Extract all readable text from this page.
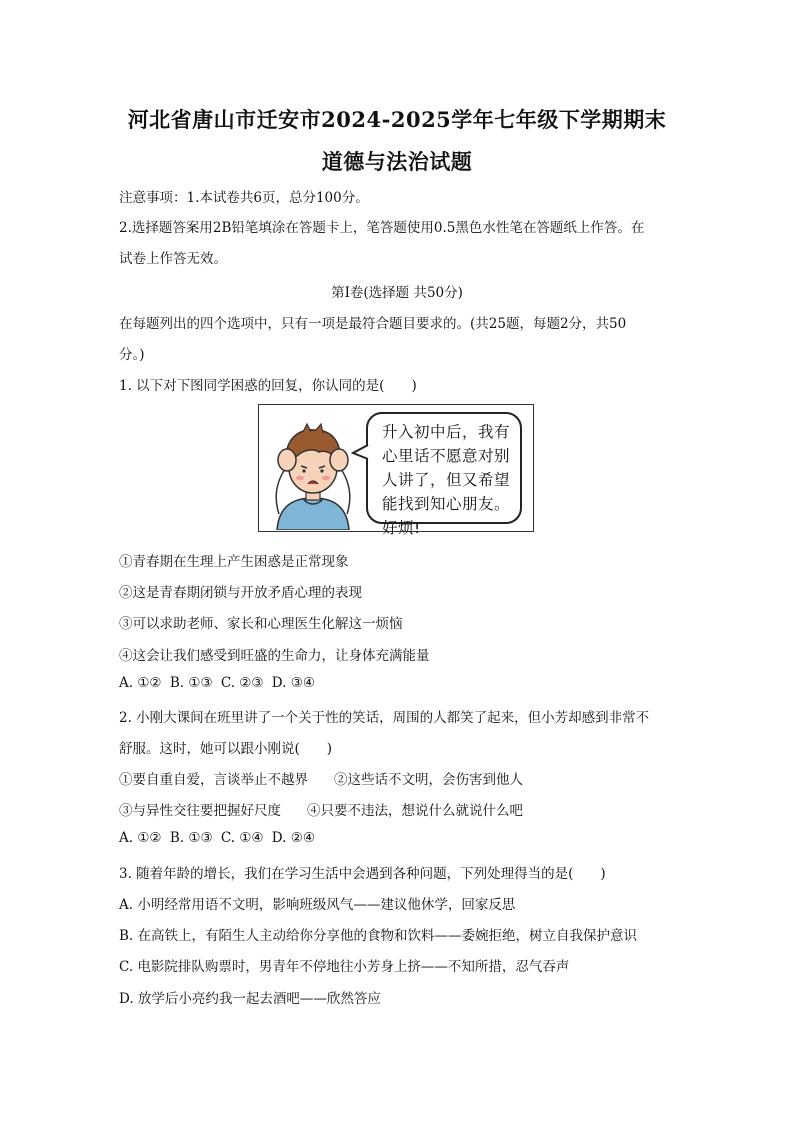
河北省唐山市迁安市2024-2025学年七年级下学期期末
道德与法治试题
注意事项：1.本试卷共6页，总分100分。
2.选择题答案用2B铅笔填涂在答题卡上，笔答题使用0.5黑色水性笔在答题纸上作答。在
试卷上作答无效。
第Ⅰ卷(选择题 共50分)
在每题列出的四个选项中，只有一项是最符合题目要求的。(共25题，每题2分，共50
分。)
1. 以下对下图同学困惑的回复，你认同的是(　　)
升入初中后，我有心里话不愿意对别人讲了，但又希望能找到知心朋友。好烦!
①青春期在生理上产生困惑是正常现象
②这是青春期闭锁与开放矛盾心理的表现
③可以求助老师、家长和心理医生化解这一烦恼
④这会让我们感受到旺盛的生命力，让身体充满能量
A. ①② B. ①③ C. ②③ D. ③④
2. 小刚大课间在班里讲了一个关于性的笑话，周围的人都笑了起来，但小芳却感到非常不
舒服。这时，她可以跟小刚说(　　)
①要自重自爱，言谈举止不越界 ②这些话不文明，会伤害到他人
③与异性交往要把握好尺度 ④只要不违法，想说什么就说什么吧
A. ①② B. ①③ C. ①④ D. ②④
3. 随着年龄的增长，我们在学习生活中会遇到各种问题，下列处理得当的是(　　)
A. 小明经常用语不文明，影响班级风气——建议他休学，回家反思
B. 在高铁上，有陌生人主动给你分享他的食物和饮料——委婉拒绝，树立自我保护意识
C. 电影院排队购票时，男青年不停地往小芳身上挤——不知所措，忍气吞声
D. 放学后小亮约我一起去酒吧——欣然答应
